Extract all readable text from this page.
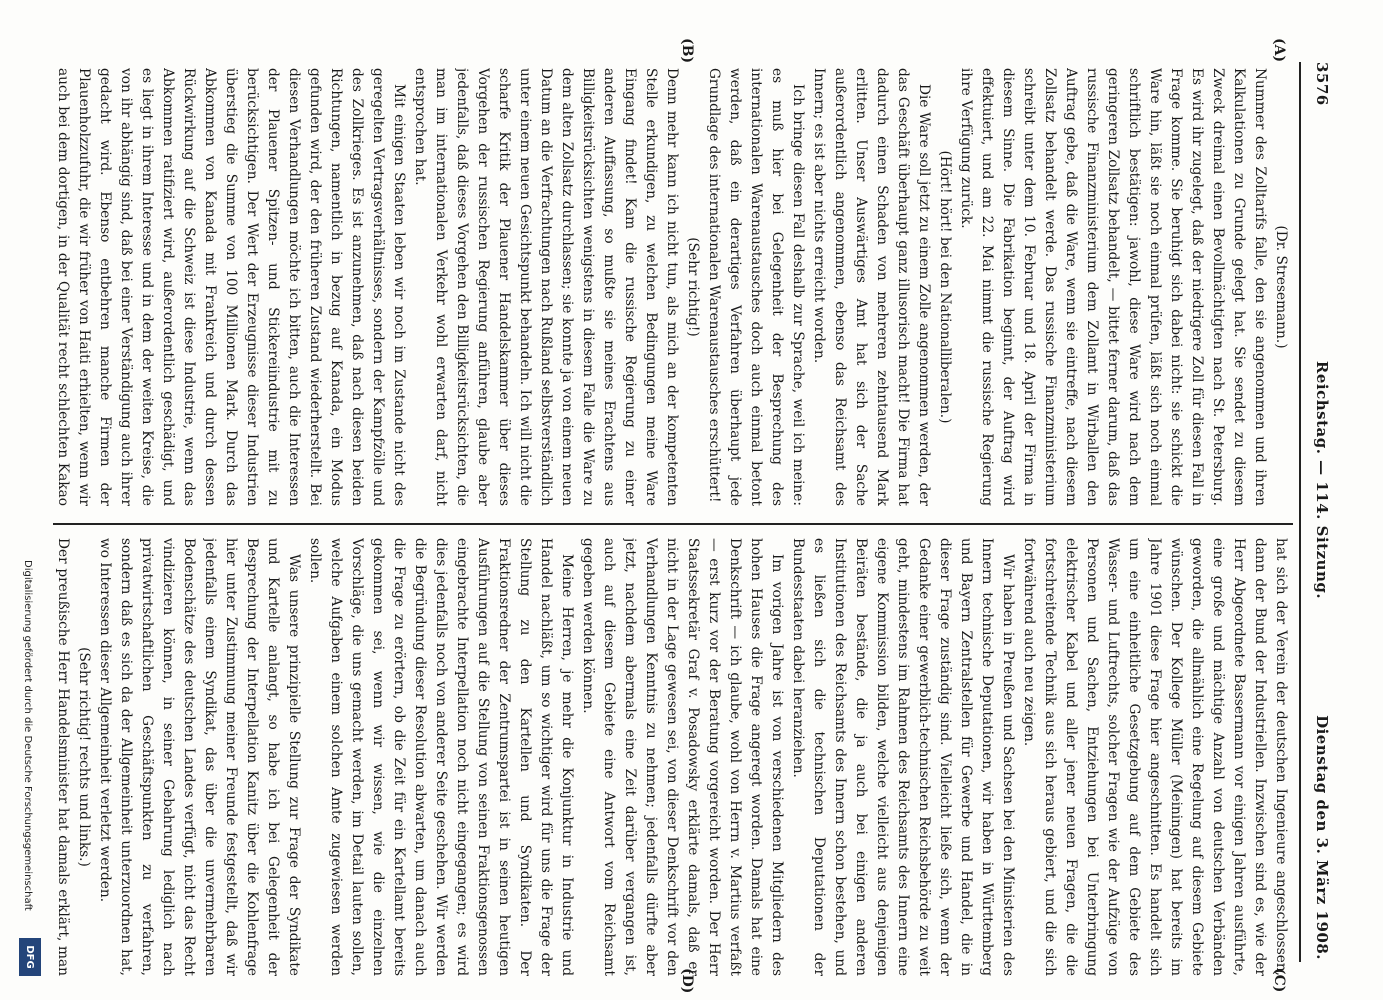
3576
Reichstag. — 114. Sitzung.
Dienstag den 3. März 1908.
(A)
(B)
(C)
(D)

(Dr. Stresemann.)

Nummer des Zolltarifs falle, den sie angenommen und ihren Kalkulationen zu Grunde gelegt hat. Sie sendet zu diesem Zweck dreimal einen Bevollmächtigten nach St. Petersburg. Es wird ihr zugelegt, daß der niedrigere Zoll für diesen Fall in Frage komme. Sie beruhigt sich dabei nicht: sie schickt die Ware hin, läßt sie noch einmal prüfen, läßt sich noch einmal schriftlich bestätigen: jawohl, diese Ware wird nach dem geringeren Zollsatz behandelt, — bittet ferner darum, daß das russische Finanzministerium dem Zollamt in Wirballen den Auftrag gebe, daß die Ware, wenn sie eintreffe, nach diesem Zollsatz behandelt werde. Das russische Finanzministerium schreibt unter dem 10. Februar und 18. April der Firma in diesem Sinne. Die Fabrikation beginnt, der Auftrag wird effektuiert, und am 22. Mai nimmt die russische Regierung ihre Verfügung zurück.

(Hört! hört! bei den Nationalliberalen.)

Die Ware soll jetzt zu einem Zolle angenommen werden, der das Geschäft überhaupt ganz illusorisch macht! Die Firma hat dadurch einen Schaden von mehreren zehntausend Mark erlitten. Unser Auswärtiges Amt hat sich der Sache außerordentlich angenommen, ebenso das Reichsamt des Innern; es ist aber nichts erreicht worden.

Ich bringe diesen Fall deshalb zur Sprache, weil ich meine: es muß hier bei Gelegenheit der Besprechung des internationalen Warenaustausches doch auch einmal betont werden, daß ein derartiges Verfahren überhaupt jede Grundlage des internationalen Warenaustausches erschüttert!

(Sehr richtig!)

Denn mehr kann ich nicht tun, als mich an der kompetenten Stelle erkundigen, zu welchen Bedingungen meine Ware Eingang findet! Kam die russische Regierung zu einer anderen Auffassung, so mußte sie meines Erachtens aus Billigkeitsrücksichten wenigstens in diesem Falle die Ware zu dem alten Zollsatz durchlassen; sie konnte ja von einem neuen Datum an die Verfrachtungen nach Rußland selbstverständlich unter einem neuen Gesichtspunkt behandeln. Ich will nicht die scharfe Kritik der Plauener Handelskammer über dieses Vorgehen der russischen Regierung anführen, glaube aber jedenfalls, daß dieses Vorgehen den Billigkeitsrücksichten, die man im internationalen Verkehr wohl erwarten darf, nicht entsprochen hat.

Mit einigen Staaten leben wir noch im Zustande nicht des geregelten Vertragsverhältnisses, sondern der Kampfzölle und des Zollkrieges. Es ist anzunehmen, daß nach diesen beiden Richtungen, namentlich in bezug auf Kanada, ein Modus gefunden wird, der den früheren Zustand wiederherstellt. Bei diesen Verhandlungen möchte ich bitten, auch die Interessen der Plauener Spitzen- und Stickereiindustrie mit zu berücksichtigen. Der Wert der Erzeugnisse dieser Industrien überstieg die Summe von 100 Millionen Mark. Durch das Abkommen von Kanada mit Frankreich und durch dessen Rückwirkung auf die Schweiz ist diese Industrie, wenn das Abkommen ratifiziert wird, außerordentlich geschädigt, und es liegt in ihrem Interesse und in dem der weiten Kreise, die von ihr abhängig sind, daß bei einer Verständigung auch ihrer gedacht wird. Ebenso entbehren manche Firmen der Plauenholzzufuhr, die wir früher von Haiti erhielten, wenn wir auch bei dem dortigen, in der Qualität recht schlechten Kakao

hat sich der Verein der deutschen Ingenieure angeschlossen, dann der Bund der Industriellen. Inzwischen sind es, wie der Herr Abgeordnete Bassermann vor einigen Jahren ausführte, eine große und mächtige Anzahl von deutschen Verbänden geworden, die allmählich eine Regelung auf diesem Gebiete wünschen. Der Kollege Müller (Meiningen) hat bereits im Jahre 1901 diese Frage hier angeschnitten. Es handelt sich um eine einheitliche Gesetzgebung auf dem Gebiete des Wasser- und Luftrechts, solcher Fragen wie der Aufzüge von Personen und Sachen, Entziehungen bei Unterbringung elektrischer Kabel und aller jener neuen Fragen, die die fortschreitende Technik aus sich heraus gebiert, und die sich fortwährend auch neu zeigen.

Wir haben in Preußen und Sachsen bei den Ministerien des Innern technische Deputationen, wir haben in Württemberg und Bayern Zentralstellen für Gewerbe und Handel, die in dieser Frage zuständig sind. Vielleicht ließe sich, wenn der Gedanke einer gewerblich-technischen Reichsbehörde zu weit geht, mindestens im Rahmen des Reichsamts des Innern eine eigene Kommission bilden, welche vielleicht aus denjenigen Beiräten bestände, die ja auch bei einigen anderen Institutionen des Reichsamts des Innern schon bestehen, und es ließen sich die technischen Deputationen der Bundesstaaten dabei heranziehen.

Im vorigen Jahre ist von verschiedenen Mitgliedern des hohen Hauses die Frage angeregt worden. Damals hat eine Denkschrift — ich glaube, wohl von Herrn v. Martius verfaßt — erst kurz vor der Beratung vorgereicht worden. Der Herr Staatssekretär Graf v. Posadowsky erklärte damals, daß er nicht in der Lage gewesen sei, von dieser Denkschrift vor den Verhandlungen Kenntnis zu nehmen; jedenfalls dürfte aber jetzt, nachdem abermals eine Zeit darüber vergangen ist, auch auf diesem Gebiete eine Antwort vom Reichsamt gegeben werden können.

Meine Herren, je mehr die Konjunktur in Industrie und Handel nachläßt, um so wichtiger wird für uns die Frage der Stellung zu den Kartellen und Syndikaten. Der Fraktionsredner der Zentrumspartei ist in seinen heutigen Ausführungen auf die Stellung von seinen Fraktionsgenossen eingebrachte Interpellation noch nicht eingegangen; es wird dies jedenfalls noch von anderer Seite geschehen. Wir werden die Begründung dieser Resolution abwarten, um danach auch die Frage zu erörtern, ob die Zeit für ein Kartellamt bereits gekommen sei, wenn wir wissen, wie die einzelnen Vorschläge, die uns gemacht werden, im Detail lauten sollen, welche Aufgaben einem solchen Amte zugewiesen werden sollen.

Was unsere prinzipielle Stellung zur Frage der Syndikate und Kartelle anlangt, so habe ich bei Gelegenheit der Besprechung der Interpellation Kanitz über die Kohlenfrage hier unter Zustimmung meiner Freunde festgestellt, daß wir jedenfalls einem Syndikat, das über die unvermehrbaren Bodenschätze des deutschen Landes verfügt, nicht das Recht vindizieren können, in seiner Gebahrung lediglich nach privatwirtschaftlichen Geschäftspunkten zu verfahren, sondern daß es sich da der Allgemeinheit unterzuordnen hat, wo Interessen dieser Allgemeinheit verletzt werden.

(Sehr richtig! rechts und links.)

Der preußische Herr Handelsminister hat damals erklärt, man

Digitalisierung gefördert durch die Deutsche Forschungsgemeinschaft
DFG
